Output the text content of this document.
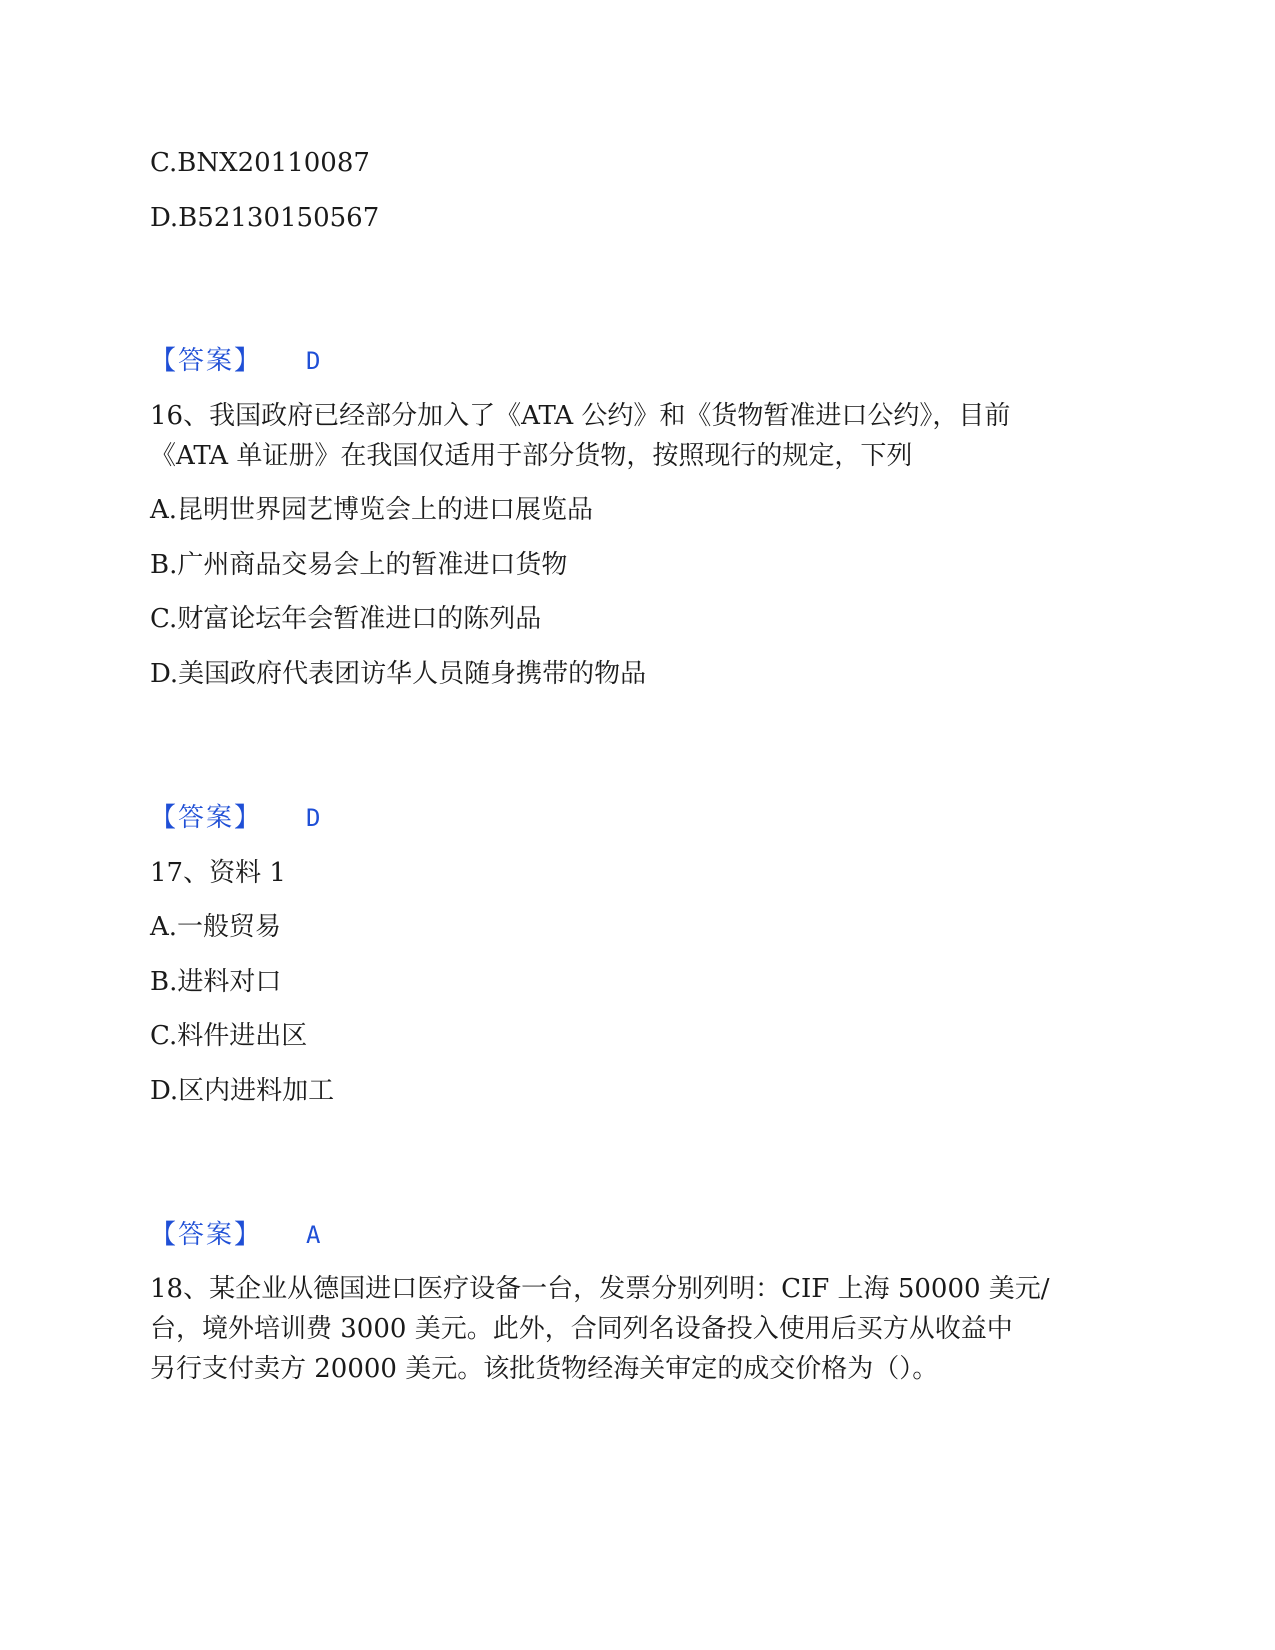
C.BNX20110087

D.B52130150567

【答案】 D

16、我国政府已经部分加入了《ATA 公约》和《货物暂准进口公约》，目前

《ATA 单证册》在我国仅适用于部分货物，按照现行的规定，下列

A.昆明世界园艺博览会上的进口展览品

B.广州商品交易会上的暂准进口货物

C.财富论坛年会暂准进口的陈列品

D.美国政府代表团访华人员随身携带的物品

【答案】 D

17、资料 1

A.一般贸易

B.进料对口

C.料件进出区

D.区内进料加工

【答案】 A

18、某企业从德国进口医疗设备一台，发票分别列明：CIF 上海 50000 美元/

台，境外培训费 3000 美元。此外，合同列名设备投入使用后买方从收益中

另行支付卖方 20000 美元。该批货物经海关审定的成交价格为（）。
